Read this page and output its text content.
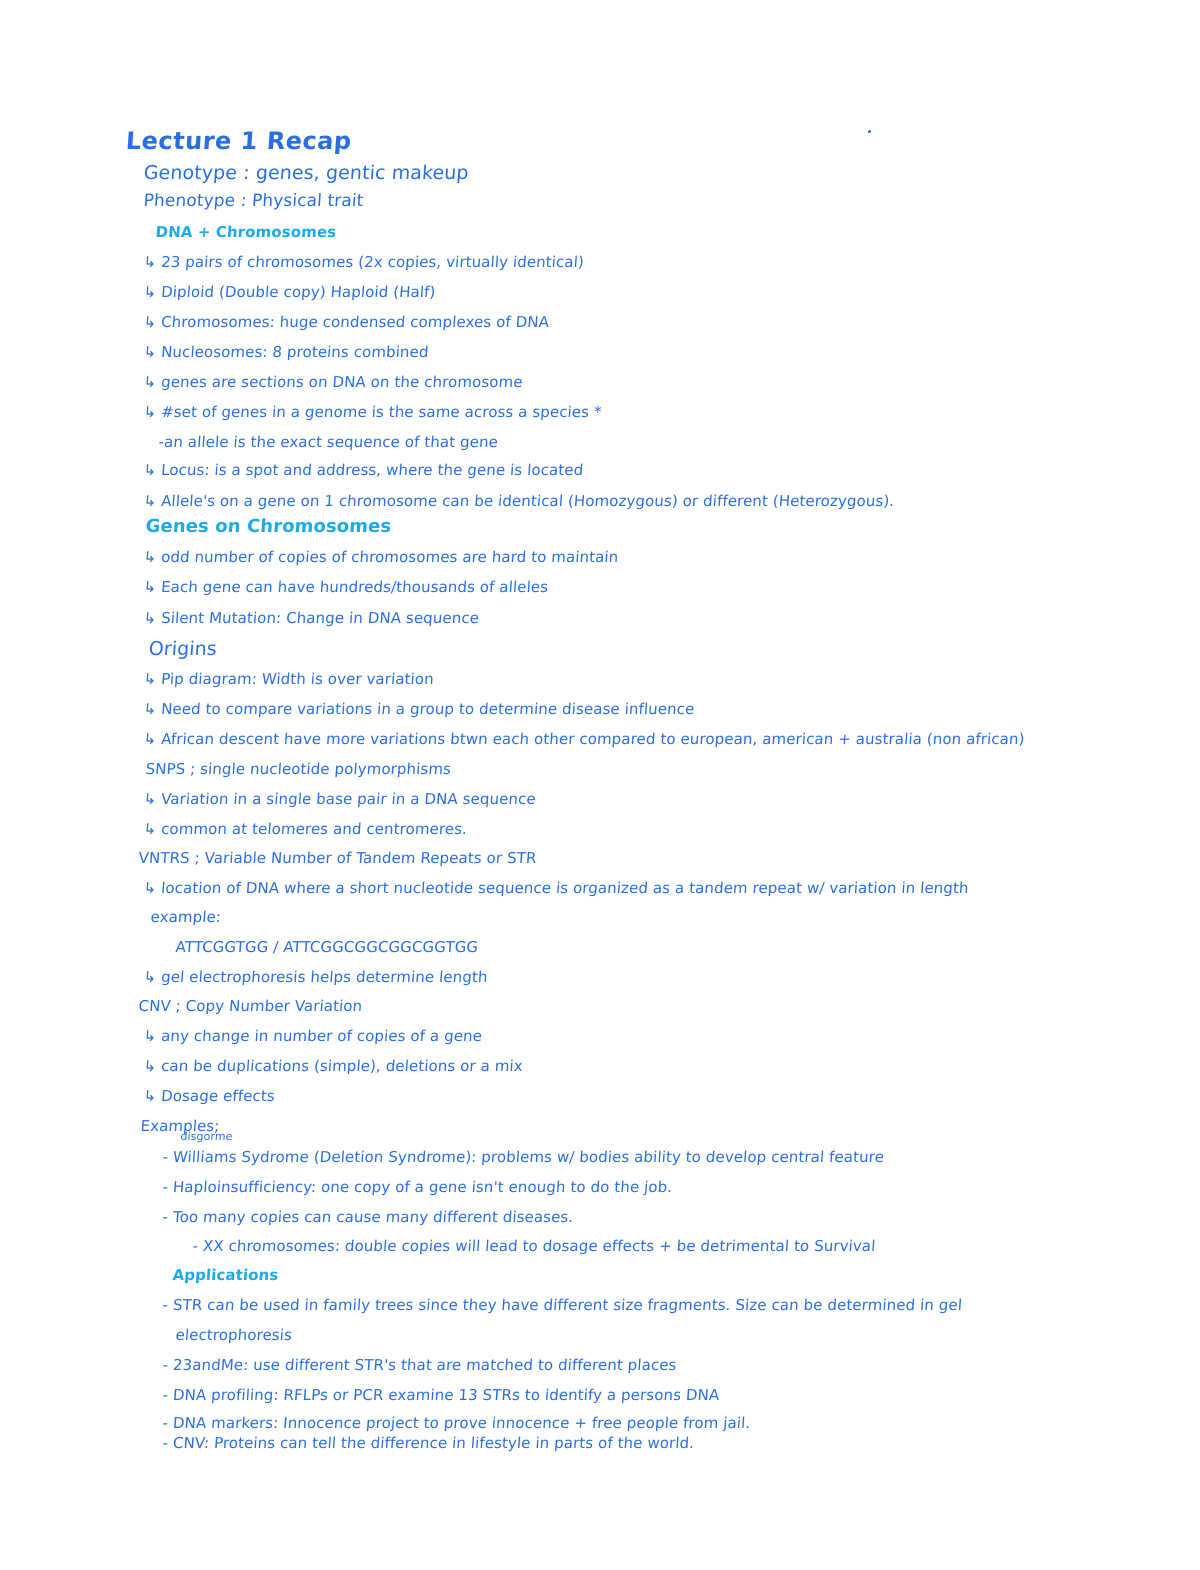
Lecture 1 Recap
Genotype : genes, gentic makeup
Phenotype : Physical trait
DNA + Chromosomes
↳ 23 pairs of chromosomes (2x copies, virtually identical)
↳ Diploid (Double copy) Haploid (Half)
↳ Chromosomes: huge condensed complexes of DNA
↳ Nucleosomes: 8 proteins combined
↳ genes are sections on DNA on the chromosome
↳ #set of genes in a genome is the same across a species *
-an allele is the exact sequence of that gene
↳ Locus: is a spot and address, where the gene is located
↳ Allele's on a gene on 1 chromosome can be identical (Homozygous) or different (Heterozygous).
Genes on Chromosomes
↳ odd number of copies of chromosomes are hard to maintain
↳ Each gene can have hundreds/thousands of alleles
↳ Silent Mutation: Change in DNA sequence
Origins
↳ Pip diagram: Width is over variation
↳ Need to compare variations in a group to determine disease influence
↳ African descent have more variations btwn each other compared to european, american + australia (non african)
SNPS ; single nucleotide polymorphisms
↳ Variation in a single base pair in a DNA sequence
↳ common at telomeres and centromeres.
VNTRS ; Variable Number of Tandem Repeats or STR
↳ location of DNA where a short nucleotide sequence is organized as a tandem repeat w/ variation in length
example:
ATTCGGTGG / ATTCGGCGGCGGCGGTGG
↳ gel electrophoresis helps determine length
CNV ; Copy Number Variation
↳ any change in number of copies of a gene
↳ can be duplications (simple), deletions or a mix
↳ Dosage effects
Examples;
disgorme
- Williams Sydrome (Deletion Syndrome): problems w/ bodies ability to develop central feature
- Haploinsufficiency: one copy of a gene isn't enough to do the job.
- Too many copies can cause many different diseases.
- XX chromosomes: double copies will lead to dosage effects + be detrimental to Survival
Applications
- STR can be used in family trees since they have different size fragments. Size can be determined in gel
electrophoresis
- 23andMe: use different STR's that are matched to different places
- DNA profiling: RFLPs or PCR examine 13 STRs to identify a persons DNA
- DNA markers: Innocence project to prove innocence + free people from jail.
- CNV: Proteins can tell the difference in lifestyle in parts of the world.
